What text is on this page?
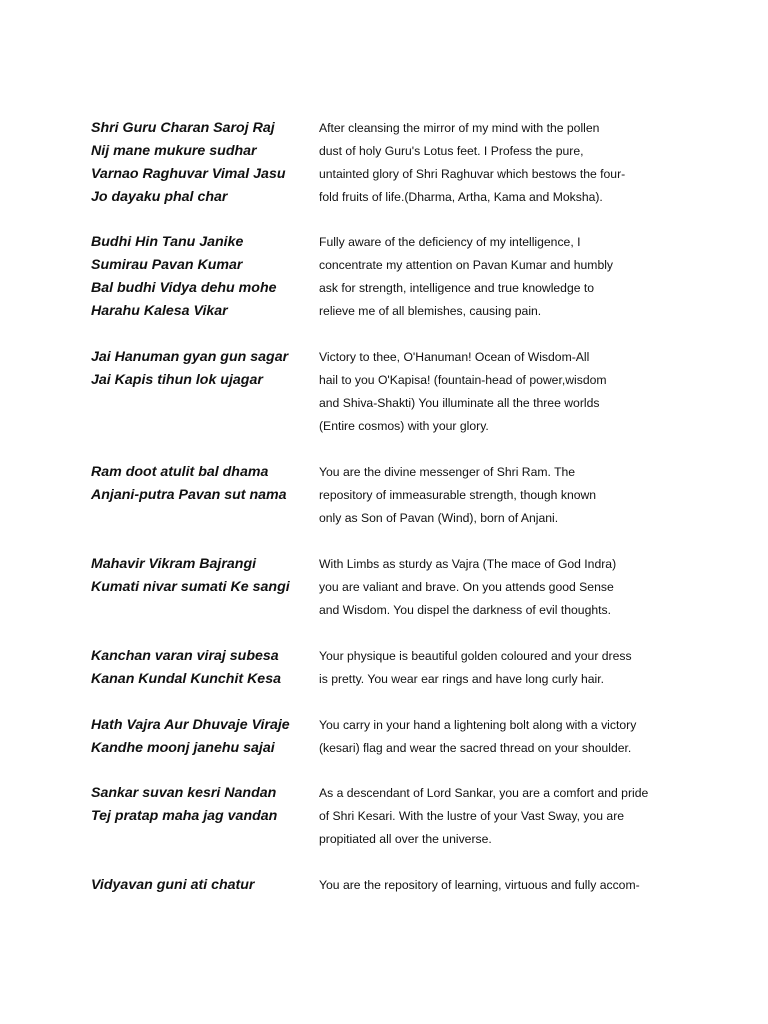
Shri Guru Charan Saroj Raj
Nij mane mukure sudhar
Varnao Raghuvar Vimal Jasu
Jo dayaku phal char
After cleansing the mirror of my mind with the pollen
dust of holy Guru's Lotus feet. I Profess the pure,
untainted glory of Shri Raghuvar which bestows the four-
fold fruits of life.(Dharma, Artha, Kama and Moksha).
Budhi Hin Tanu Janike
Sumirau Pavan Kumar
Bal budhi Vidya dehu mohe
Harahu Kalesa Vikar
Fully aware of the deficiency of my intelligence, I
concentrate my attention on Pavan Kumar and humbly
ask for strength, intelligence and true knowledge to
relieve me of all blemishes, causing pain.
Jai Hanuman gyan gun sagar
Jai Kapis tihun lok ujagar
Victory to thee, O'Hanuman! Ocean of Wisdom-All
hail to you O'Kapisa! (fountain-head of power,wisdom
and Shiva-Shakti) You illuminate all the three worlds
(Entire cosmos) with your glory.
Ram doot atulit bal dhama
Anjani-putra Pavan sut nama
You are the divine messenger of Shri Ram. The
repository of immeasurable strength, though known
only as Son of Pavan (Wind), born of Anjani.
Mahavir Vikram Bajrangi
Kumati nivar sumati Ke sangi
With Limbs as sturdy as Vajra (The mace of God Indra)
you are valiant and brave. On you attends good Sense
and Wisdom. You dispel the darkness of evil thoughts.
Kanchan varan viraj subesa
Kanan Kundal Kunchit Kesa
Your physique is beautiful golden coloured and your dress
is pretty. You wear ear rings and have long curly hair.
Hath Vajra Aur Dhuvaje Viraje
Kandhe moonj janehu sajai
You carry in your hand a lightening bolt along with a victory
(kesari) flag and wear the sacred thread on your shoulder.
Sankar suvan kesri Nandan
Tej pratap maha jag vandan
As a descendant of Lord Sankar, you are a comfort and pride
of Shri Kesari. With the lustre of your Vast Sway, you are
propitiated all over the universe.
Vidyavan guni ati chatur	You are the repository of learning, virtuous and fully accom-
